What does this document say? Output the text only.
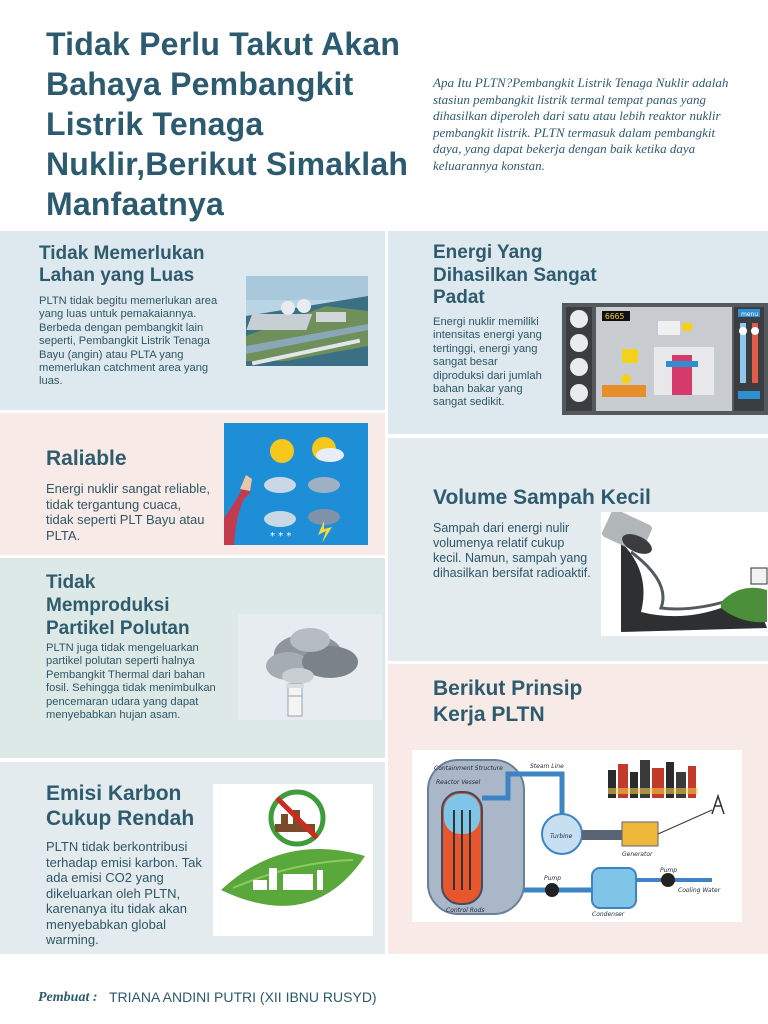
Tidak Perlu Takut Akan Bahaya Pembangkit Listrik Tenaga Nuklir,Berikut Simaklah Manfaatnya

Apa Itu PLTN?Pembangkit Listrik Tenaga Nuklir adalah stasiun pembangkit listrik termal tempat panas yang dihasilkan diperoleh dari satu atau lebih reaktor nuklir pembangkit listrik. PLTN termasuk dalam pembangkit daya, yang dapat bekerja dengan baik ketika daya keluarannya konstan.

Tidak Memerlukan Lahan yang Luas

PLTN tidak begitu memerlukan area yang luas untuk pemakaiannya. Berbeda dengan pembangkit lain seperti, Pembangkit Listrik Tenaga Bayu (angin) atau PLTA yang memerlukan catchment area yang luas.

Raliable

Energi nuklir sangat reliable, tidak tergantung cuaca, tidak seperti PLT Bayu atau PLTA.	* * *
Tidak Memproduksi Partikel Polutan

PLTN juga tidak mengeluarkan partikel polutan seperti halnya Pembangkit Thermal dari bahan fosil. Sehingga tidak menimbulkan pencemaran udara yang dapat menyebabkan hujan asam.

Emisi Karbon Cukup Rendah

PLTN tidak berkontribusi terhadap emisi karbon. Tak ada emisi CO2 yang dikeluarkan oleh PLTN, karenanya itu tidak akan menyebabkan global warming.

Energi Yang Dihasilkan Sangat Padat

Energi nuklir memiliki intensitas energi yang tertinggi, energi yang sangat besar diproduksi dari jumlah bahan bakar yang sangat sedikit.

6665	menu
Volume Sampah Kecil

Sampah dari energi nulir volumenya relatif cukup kecil. Namun, sampah yang dihasilkan bersifat radioaktif.

Berikut Prinsip Kerja PLTN
Containment Structure
Reactor Vessel
Control Rods
Steam Line
Turbine
Generator
Condenser
Pump
Pump
Cooling Water
Pembuat : TRIANA ANDINI PUTRI (XII IBNU RUSYD)
